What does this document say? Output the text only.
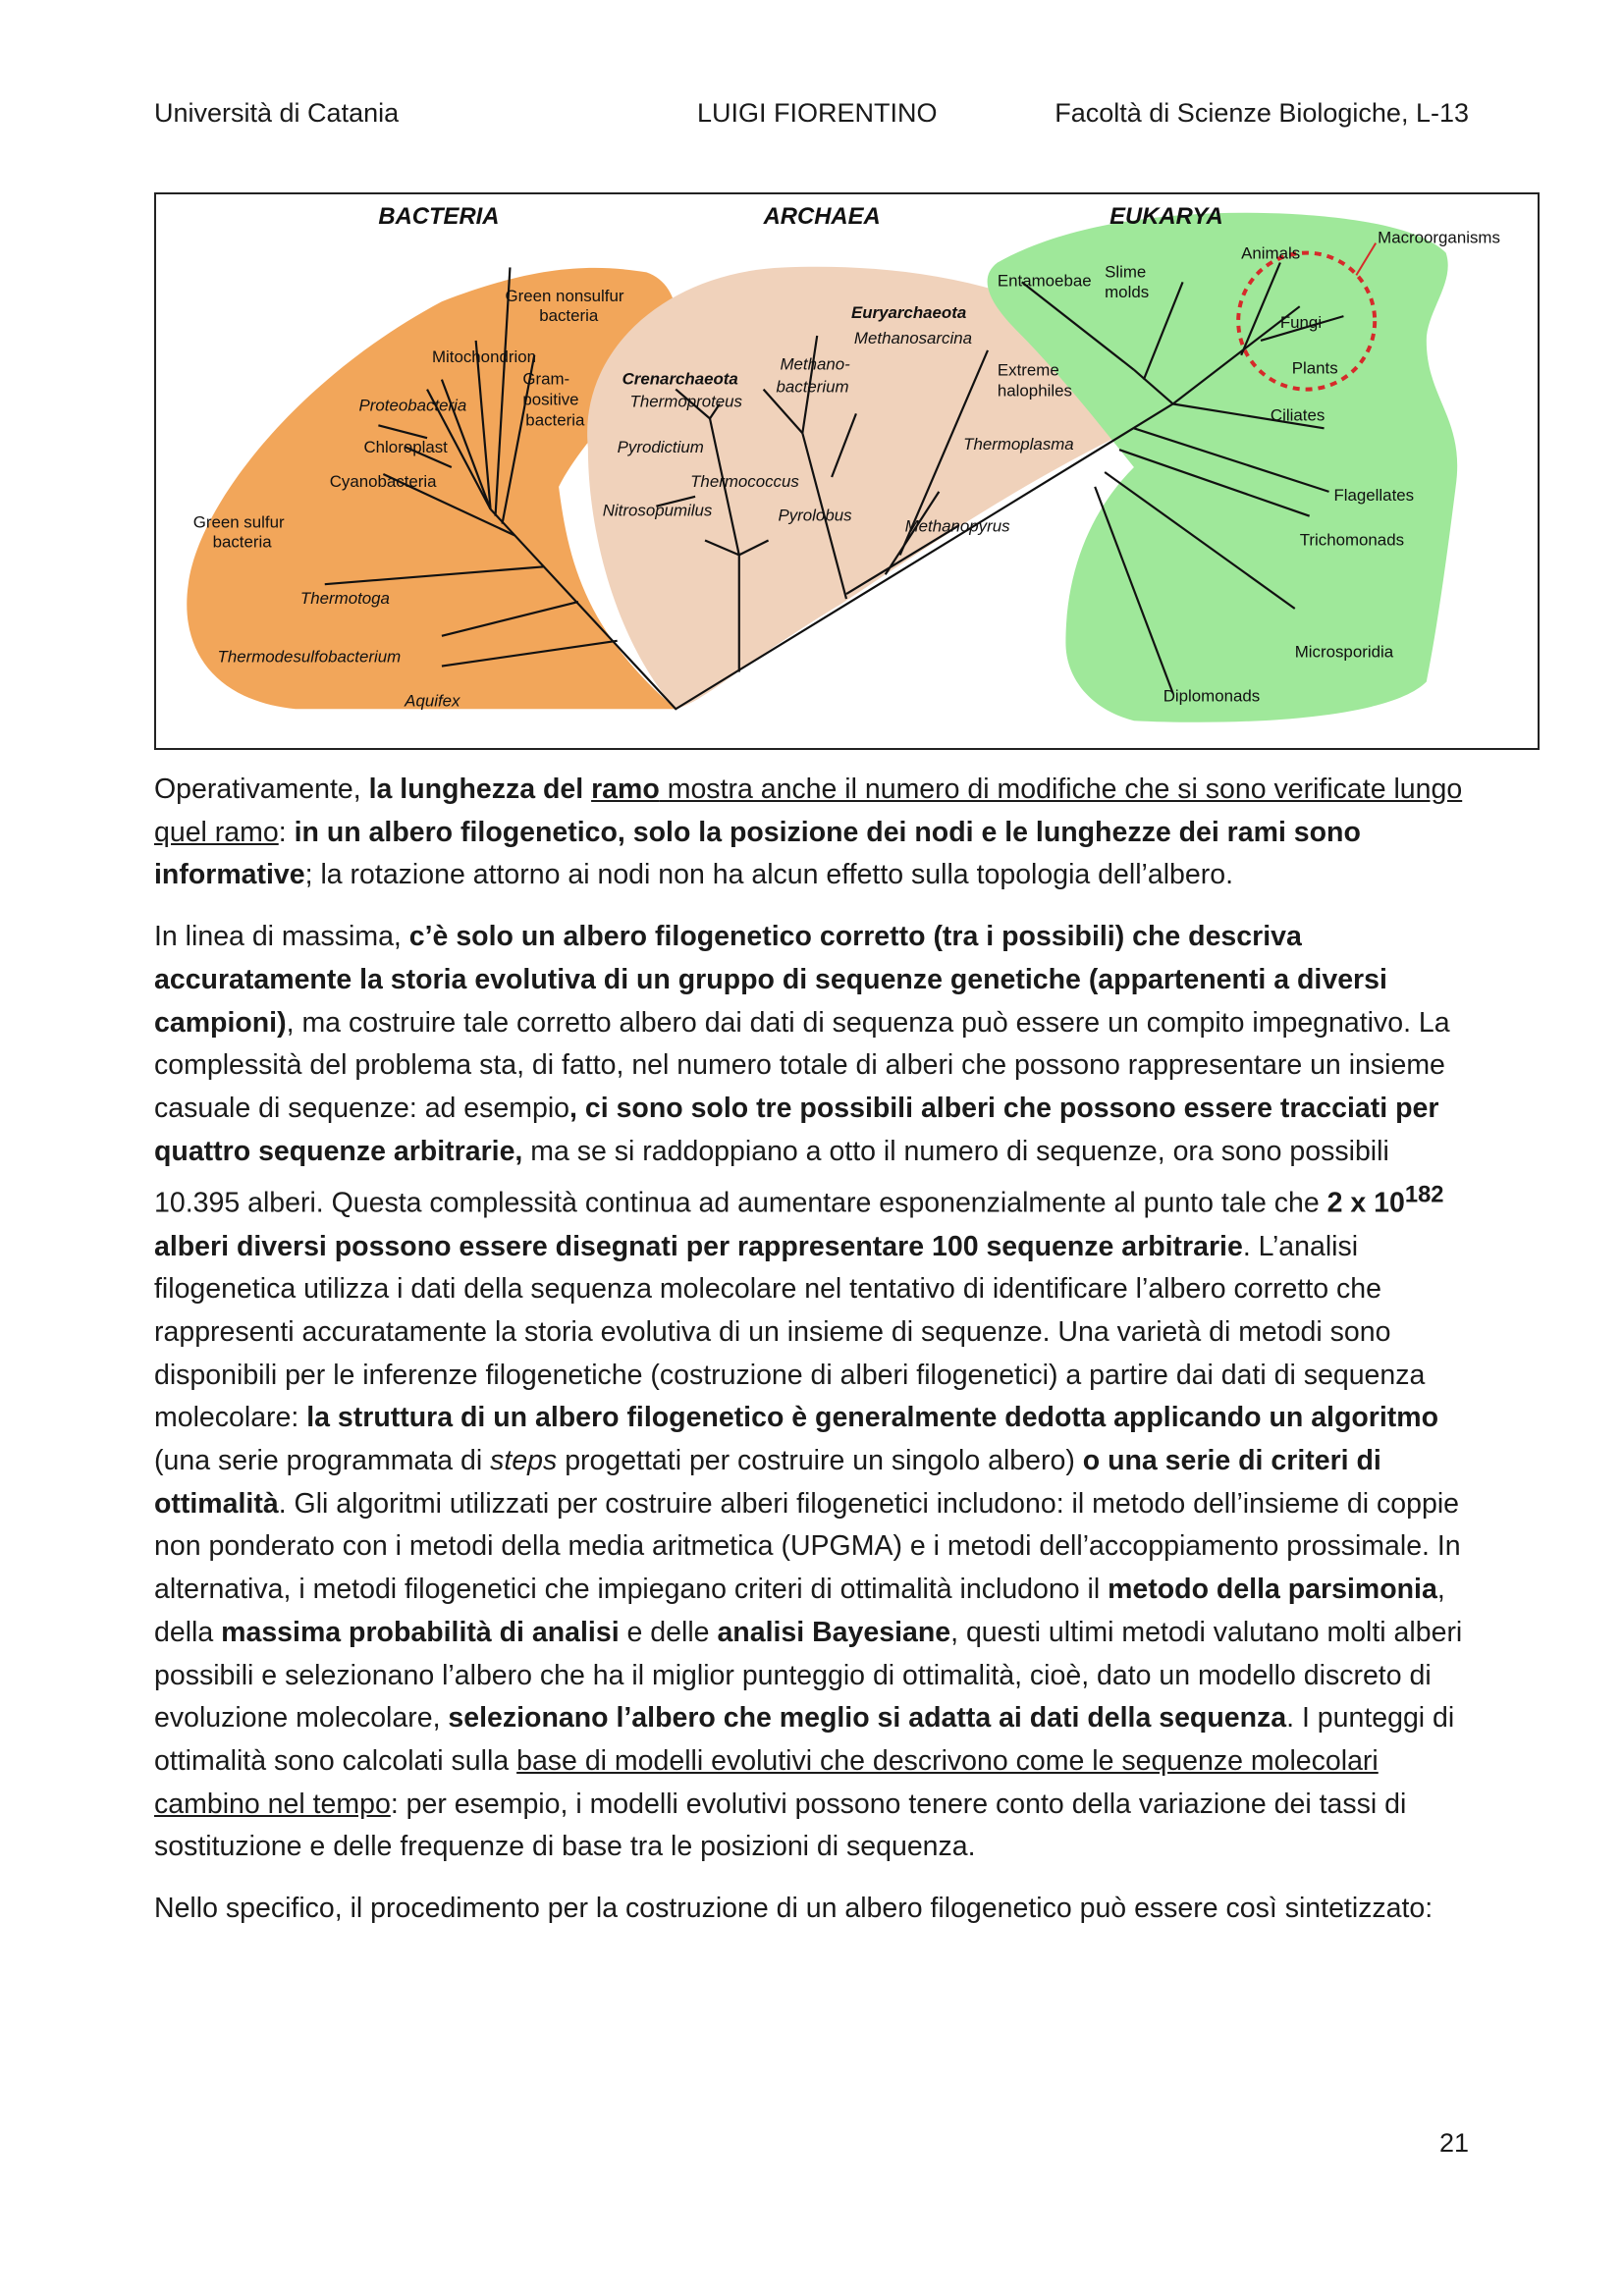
Università di Catania	LUIGI FIORENTINO	Facoltà di Scienze Biologiche, L-13
BACTERIA	ARCHAEA	EUKARYA
Green nonsulfur
bacteria
Mitochondrion
Gram-
positive
bacteria
Proteobacteria
Chloroplast
Cyanobacteria
Green sulfur
bacteria
Thermotoga
Thermodesulfobacterium
Aquifex
Euryarchaeota
Methanosarcina
Methano-
bacterium
Crenarchaeota
Thermoproteus
Pyrodictium
Thermococcus
Nitrosopumilus	Pyrolobus
Extreme
halophiles
Thermoplasma
Methanopyrus
Entamoebae Slime
molds
Animals
Macroorganisms
Fungi
Plants
Ciliates
Flagellates
Trichomonads
Microsporidia
Diplomonads

Operativamente, la lunghezza del ramo mostra anche il numero di modifiche che si sono verificate lungo quel ramo: in un albero filogenetico, solo la posizione dei nodi e le lunghezze dei rami sono informative; la rotazione attorno ai nodi non ha alcun effetto sulla topologia dell’albero.

In linea di massima, c’è solo un albero filogenetico corretto (tra i possibili) che descriva accuratamente la storia evolutiva di un gruppo di sequenze genetiche (appartenenti a diversi campioni), ma costruire tale corretto albero dai dati di sequenza può essere un compito impegnativo. La complessità del problema sta, di fatto, nel numero totale di alberi che possono rappresentare un insieme casuale di sequenze: ad esempio, ci sono solo tre possibili alberi che possono essere tracciati per quattro sequenze arbitrarie, ma se si raddoppiano a otto il numero di sequenze, ora sono possibili 10.395 alberi. Questa complessità continua ad aumentare esponenzialmente al punto tale che 2 x $10^{182}$ alberi diversi possono essere disegnati per rappresentare 100 sequenze arbitrarie. L’analisi filogenetica utilizza i dati della sequenza molecolare nel tentativo di identificare l’albero corretto che rappresenti accuratamente la storia evolutiva di un insieme di sequenze. Una varietà di metodi sono disponibili per le inferenze filogenetiche (costruzione di alberi filogenetici) a partire dai dati di sequenza molecolare: la struttura di un albero filogenetico è generalmente dedotta applicando un algoritmo (una serie programmata di steps progettati per costruire un singolo albero) o una serie di criteri di ottimalità. Gli algoritmi utilizzati per costruire alberi filogenetici includono: il metodo dell’insieme di coppie non ponderato con i metodi della media aritmetica (UPGMA) e i metodi dell’accoppiamento prossimale. In alternativa, i metodi filogenetici che impiegano criteri di ottimalità includono il metodo della parsimonia, della massima probabilità di analisi e delle analisi Bayesiane, questi ultimi metodi valutano molti alberi possibili e selezionano l’albero che ha il miglior punteggio di ottimalità, cioè, dato un modello discreto di evoluzione molecolare, selezionano l’albero che meglio si adatta ai dati della sequenza. I punteggi di ottimalità sono calcolati sulla base di modelli evolutivi che descrivono come le sequenze molecolari cambino nel tempo: per esempio, i modelli evolutivi possono tenere conto della variazione dei tassi di sostituzione e delle frequenze di base tra le posizioni di sequenza.

Nello specifico, il procedimento per la costruzione di un albero filogenetico può essere così sintetizzato:

21
